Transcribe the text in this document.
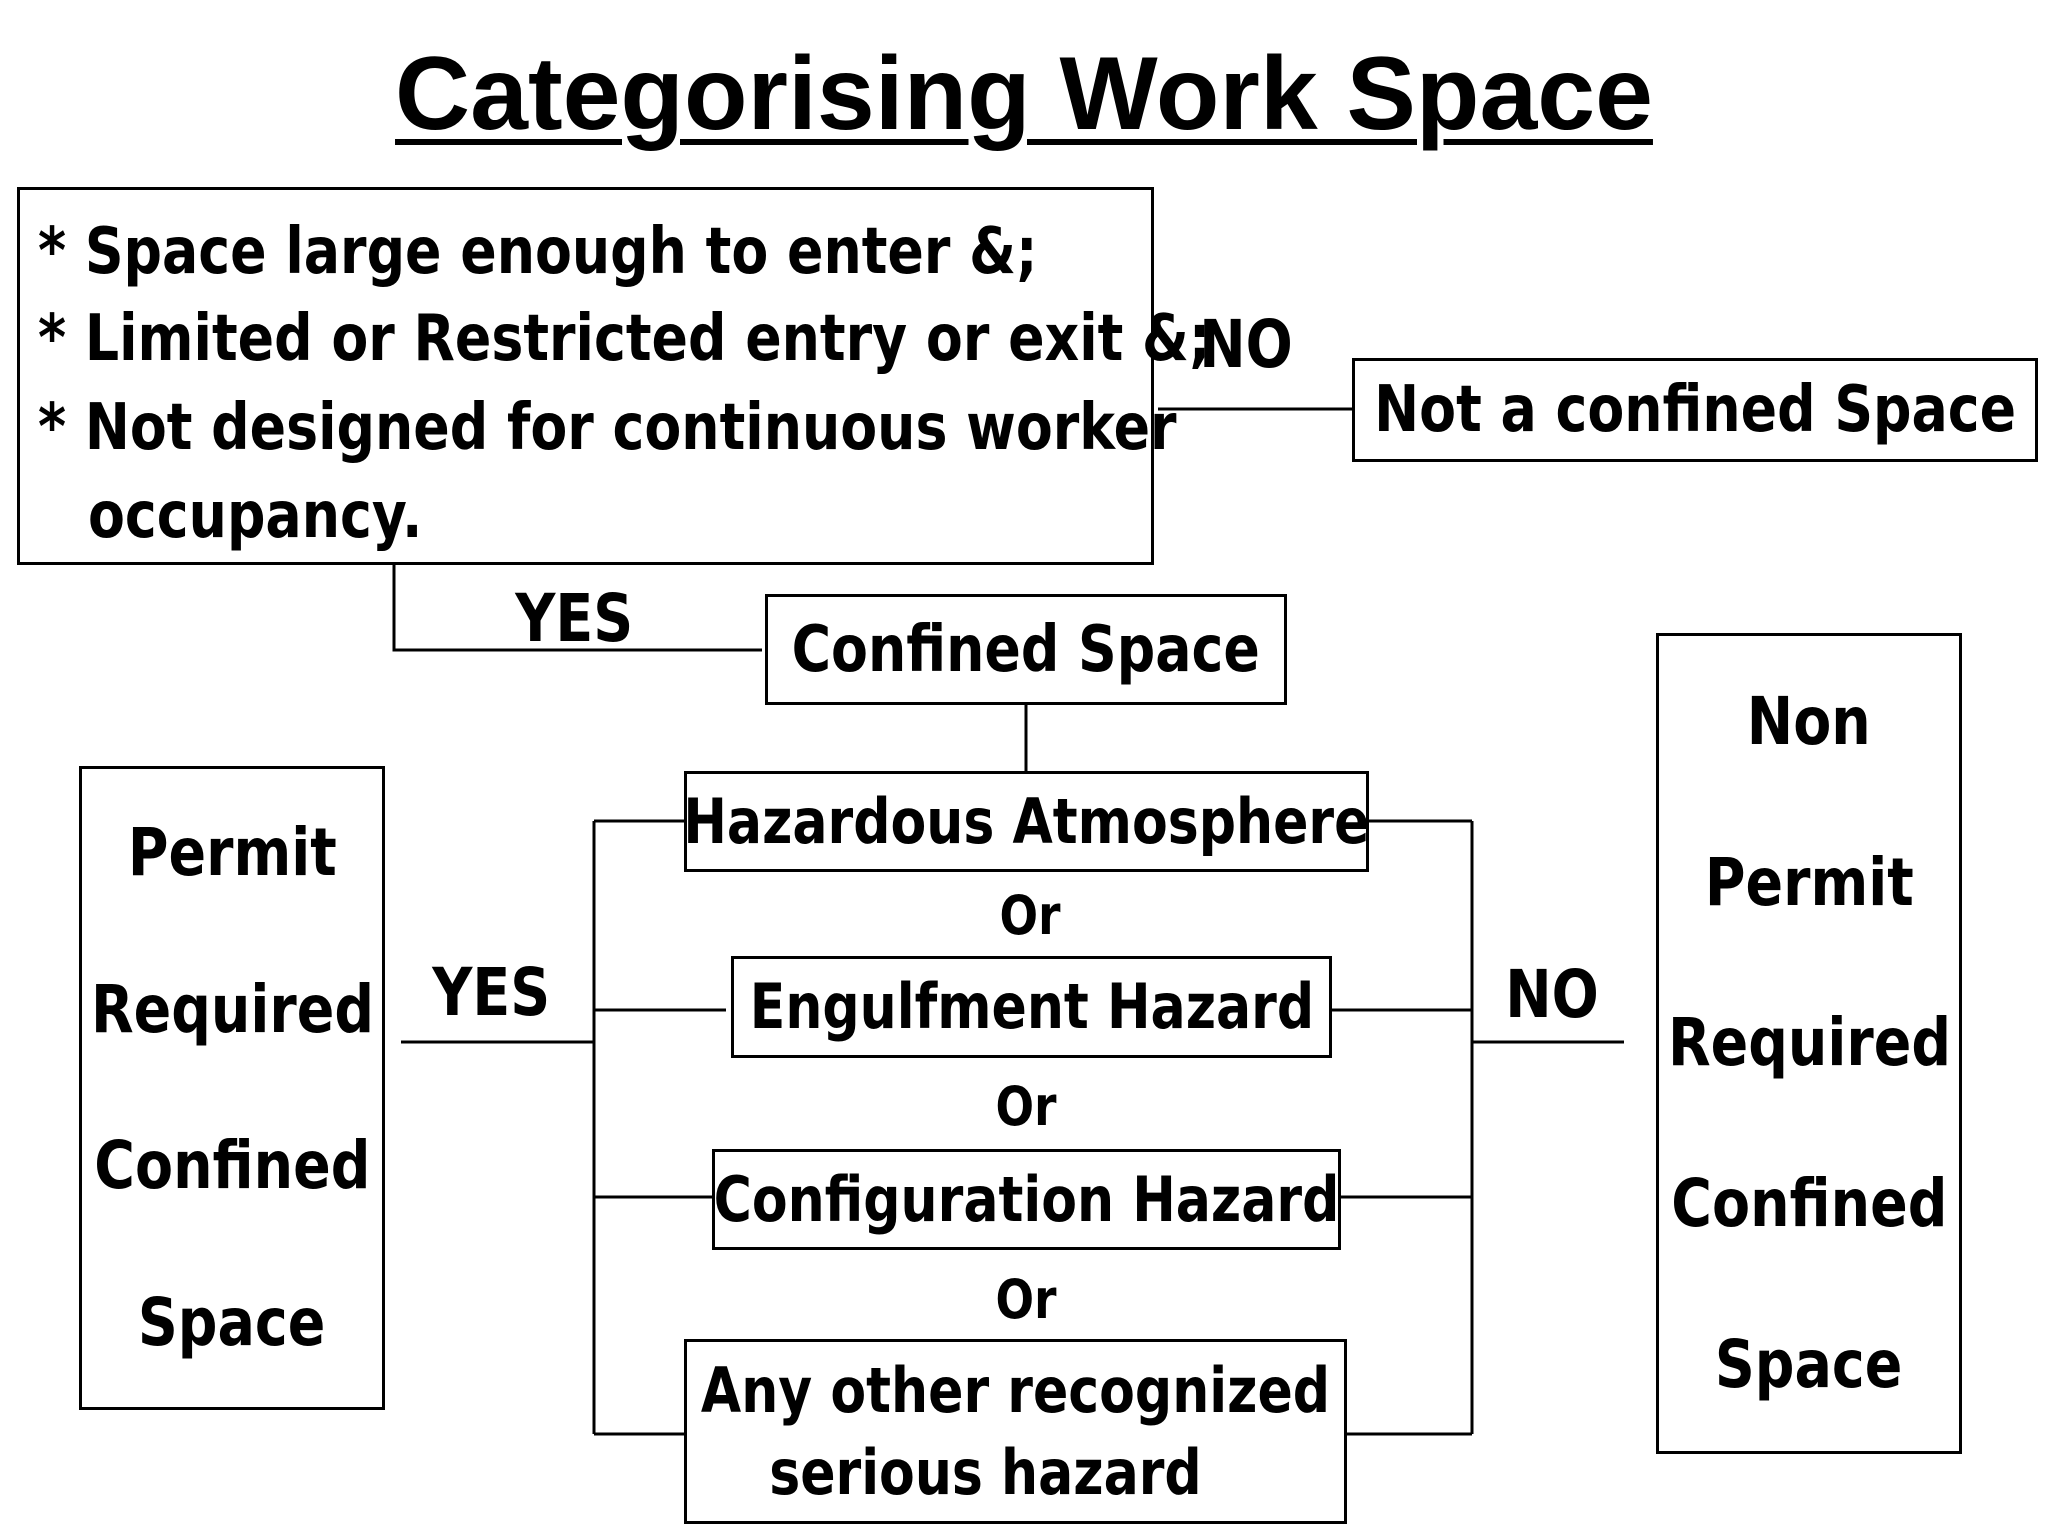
Categorising Work Space
* Space large enough to enter &;
* Limited or Restricted entry or exit &;
* Not designed for continuous worker
occupancy.
NO
Not a confined Space
YES Confined Space
Hazardous Atmosphere
Or
Engulfment Hazard
Or
Configuration Hazard
Or
Any other recognized
serious hazard
YES	NO
Permit
Required
Confined
Space
Non
Permit
Required
Confined
Space
